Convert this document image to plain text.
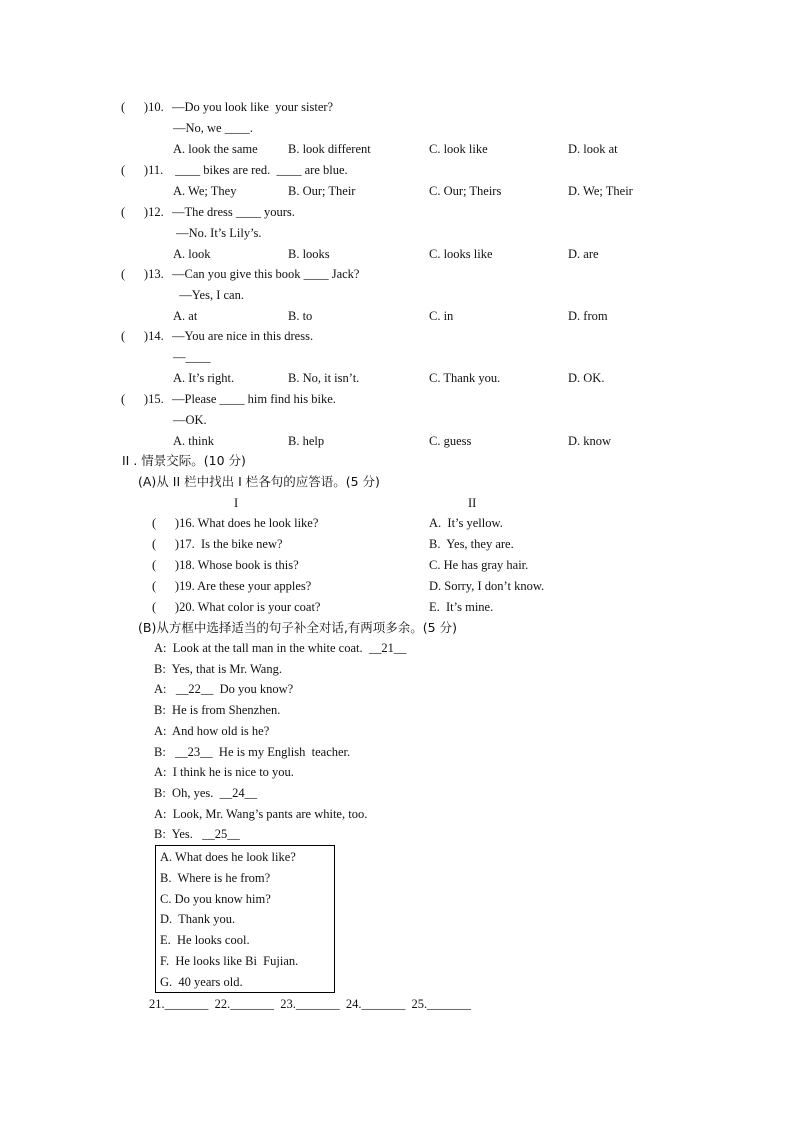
(      )10. —Do you look like  your sister?
—No, we ____.
A. look the same B. look different	C. look like	D. look at
(      )11. ____ bikes are red.  ____ are blue.
A. We; They	B. Our; Their	C. Our; Theirs	D. We; Their
(      )12. —The dress ____ yours.
—No. It’s Lily’s.
A. look	B. looks	C. looks like	D. are
(      )13. —Can you give this book ____ Jack?
—Yes, I can.
A. at	B. to	C. in	D. from
(      )14. —You are nice in this dress.
—____
A. It’s right.	B. No, it isn’t.	C. Thank you.	D. OK.
(      )15. —Please ____ him find his bike.
—OK.
A. think	B. help	C. guess	D. know
II . 情景交际。(10 分)
(A)从 II 栏中找出 I 栏各句的应答语。(5 分)
I	II
(      )16. What does he look like?	A.  It’s yellow.
(      )17.  Is the bike new?	B.  Yes, they are.
(      )18. Whose book is this?	C. He has gray hair.
(      )19. Are these your apples?	D. Sorry, I don’t know.
(      )20. What color is your coat?	E.  It’s mine.
(B)从方框中选择适当的句子补全对话,有两项多余。(5 分)
A:  Look at the tall man in the white coat.  __21__
B:  Yes, that is Mr. Wang.
A:   __22__  Do you know?
B:  He is from Shenzhen.
A:  And how old is he?
B:   __23__  He is my English  teacher.
A:  I think he is nice to you.
B:  Oh, yes.  __24__
A:  Look, Mr. Wang’s pants are white, too.
B:  Yes.   __25__
A. What does he look like?
B.  Where is he from?
C. Do you know him?
D.  Thank you.
E.  He looks cool.
F.  He looks like Bi  Fujian.
G.  40 years old.
21._______  22._______  23._______  24._______  25._______
